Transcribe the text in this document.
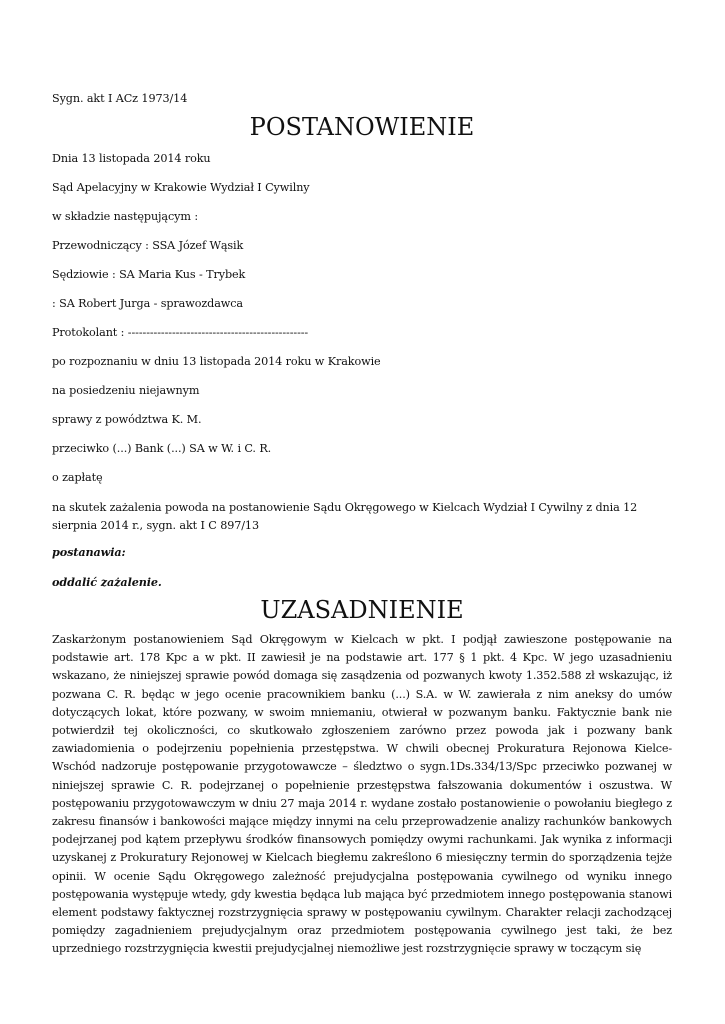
Sygn. akt I ACz 1973/14
POSTANOWIENIE
Dnia 13 listopada 2014 roku
Sąd Apelacyjny w Krakowie Wydział I Cywilny
w składzie następującym :
Przewodniczący : SSA Józef Wąsik
Sędziowie : SA Maria Kus - Trybek
: SA Robert Jurga - sprawozdawca
Protokolant : -------------------------------------------------
po rozpoznaniu w dniu 13 listopada 2014 roku w Krakowie
na posiedzeniu niejawnym
sprawy z powództwa K. M.
przeciwko (...) Bank (...) SA w W. i C. R.
o zapłatę
na skutek zażalenia powoda na postanowienie Sądu Okręgowego w Kielcach Wydział I Cywilny z dnia 12 sierpnia 2014 r., sygn. akt I C 897/13
postanawia:
oddalić zażalenie.
UZASADNIENIE
Zaskarżonym postanowieniem Sąd Okręgowym w Kielcach w pkt. I podjął zawieszone postępowanie na podstawie art. 178 Kpc a w pkt. II zawiesił je na podstawie art. 177 § 1 pkt. 4 Kpc. W jego uzasadnieniu wskazano, że niniejszej sprawie powód domaga się zasądzenia od pozwanych kwoty 1.352.588 zł wskazując, iż pozwana C. R. będąc w jego ocenie pracownikiem banku (...) S.A. w W. zawierała z nim aneksy do umów dotyczących lokat, które pozwany, w swoim mniemaniu, otwierał w pozwanym banku. Faktycznie bank nie potwierdził tej okoliczności, co skutkowało zgłoszeniem zarówno przez powoda jak i pozwany bank zawiadomienia o podejrzeniu popełnienia przestępstwa. W chwili obecnej Prokuratura Rejonowa Kielce-Wschód nadzoruje postępowanie przygotowawcze – śledztwo o sygn.1Ds.334/13/Spc przeciwko pozwanej w niniejszej sprawie C. R. podejrzanej o popełnienie przestępstwa fałszowania dokumentów i oszustwa. W postępowaniu przygotowawczym w dniu 27 maja 2014 r. wydane zostało postanowienie o powołaniu biegłego z zakresu finansów i bankowości mające między innymi na celu przeprowadzenie analizy rachunków bankowych podejrzanej pod kątem przepływu środków finansowych pomiędzy owymi rachunkami. Jak wynika z informacji uzyskanej z Prokuratury Rejonowej w Kielcach biegłemu zakreślono 6 miesięczny termin do sporządzenia tejże opinii. W ocenie Sądu Okręgowego zależność prejudycjalna postępowania cywilnego od wyniku innego postępowania występuje wtedy, gdy kwestia będąca lub mająca być przedmiotem innego postępowania stanowi element podstawy faktycznej rozstrzygnięcia sprawy w postępowaniu cywilnym. Charakter relacji zachodzącej pomiędzy zagadnieniem prejudycjalnym oraz przedmiotem postępowania cywilnego jest taki, że bez uprzedniego rozstrzygnięcia kwestii prejudycjalnej niemożliwe jest rozstrzygnięcie sprawy w toczącym się
